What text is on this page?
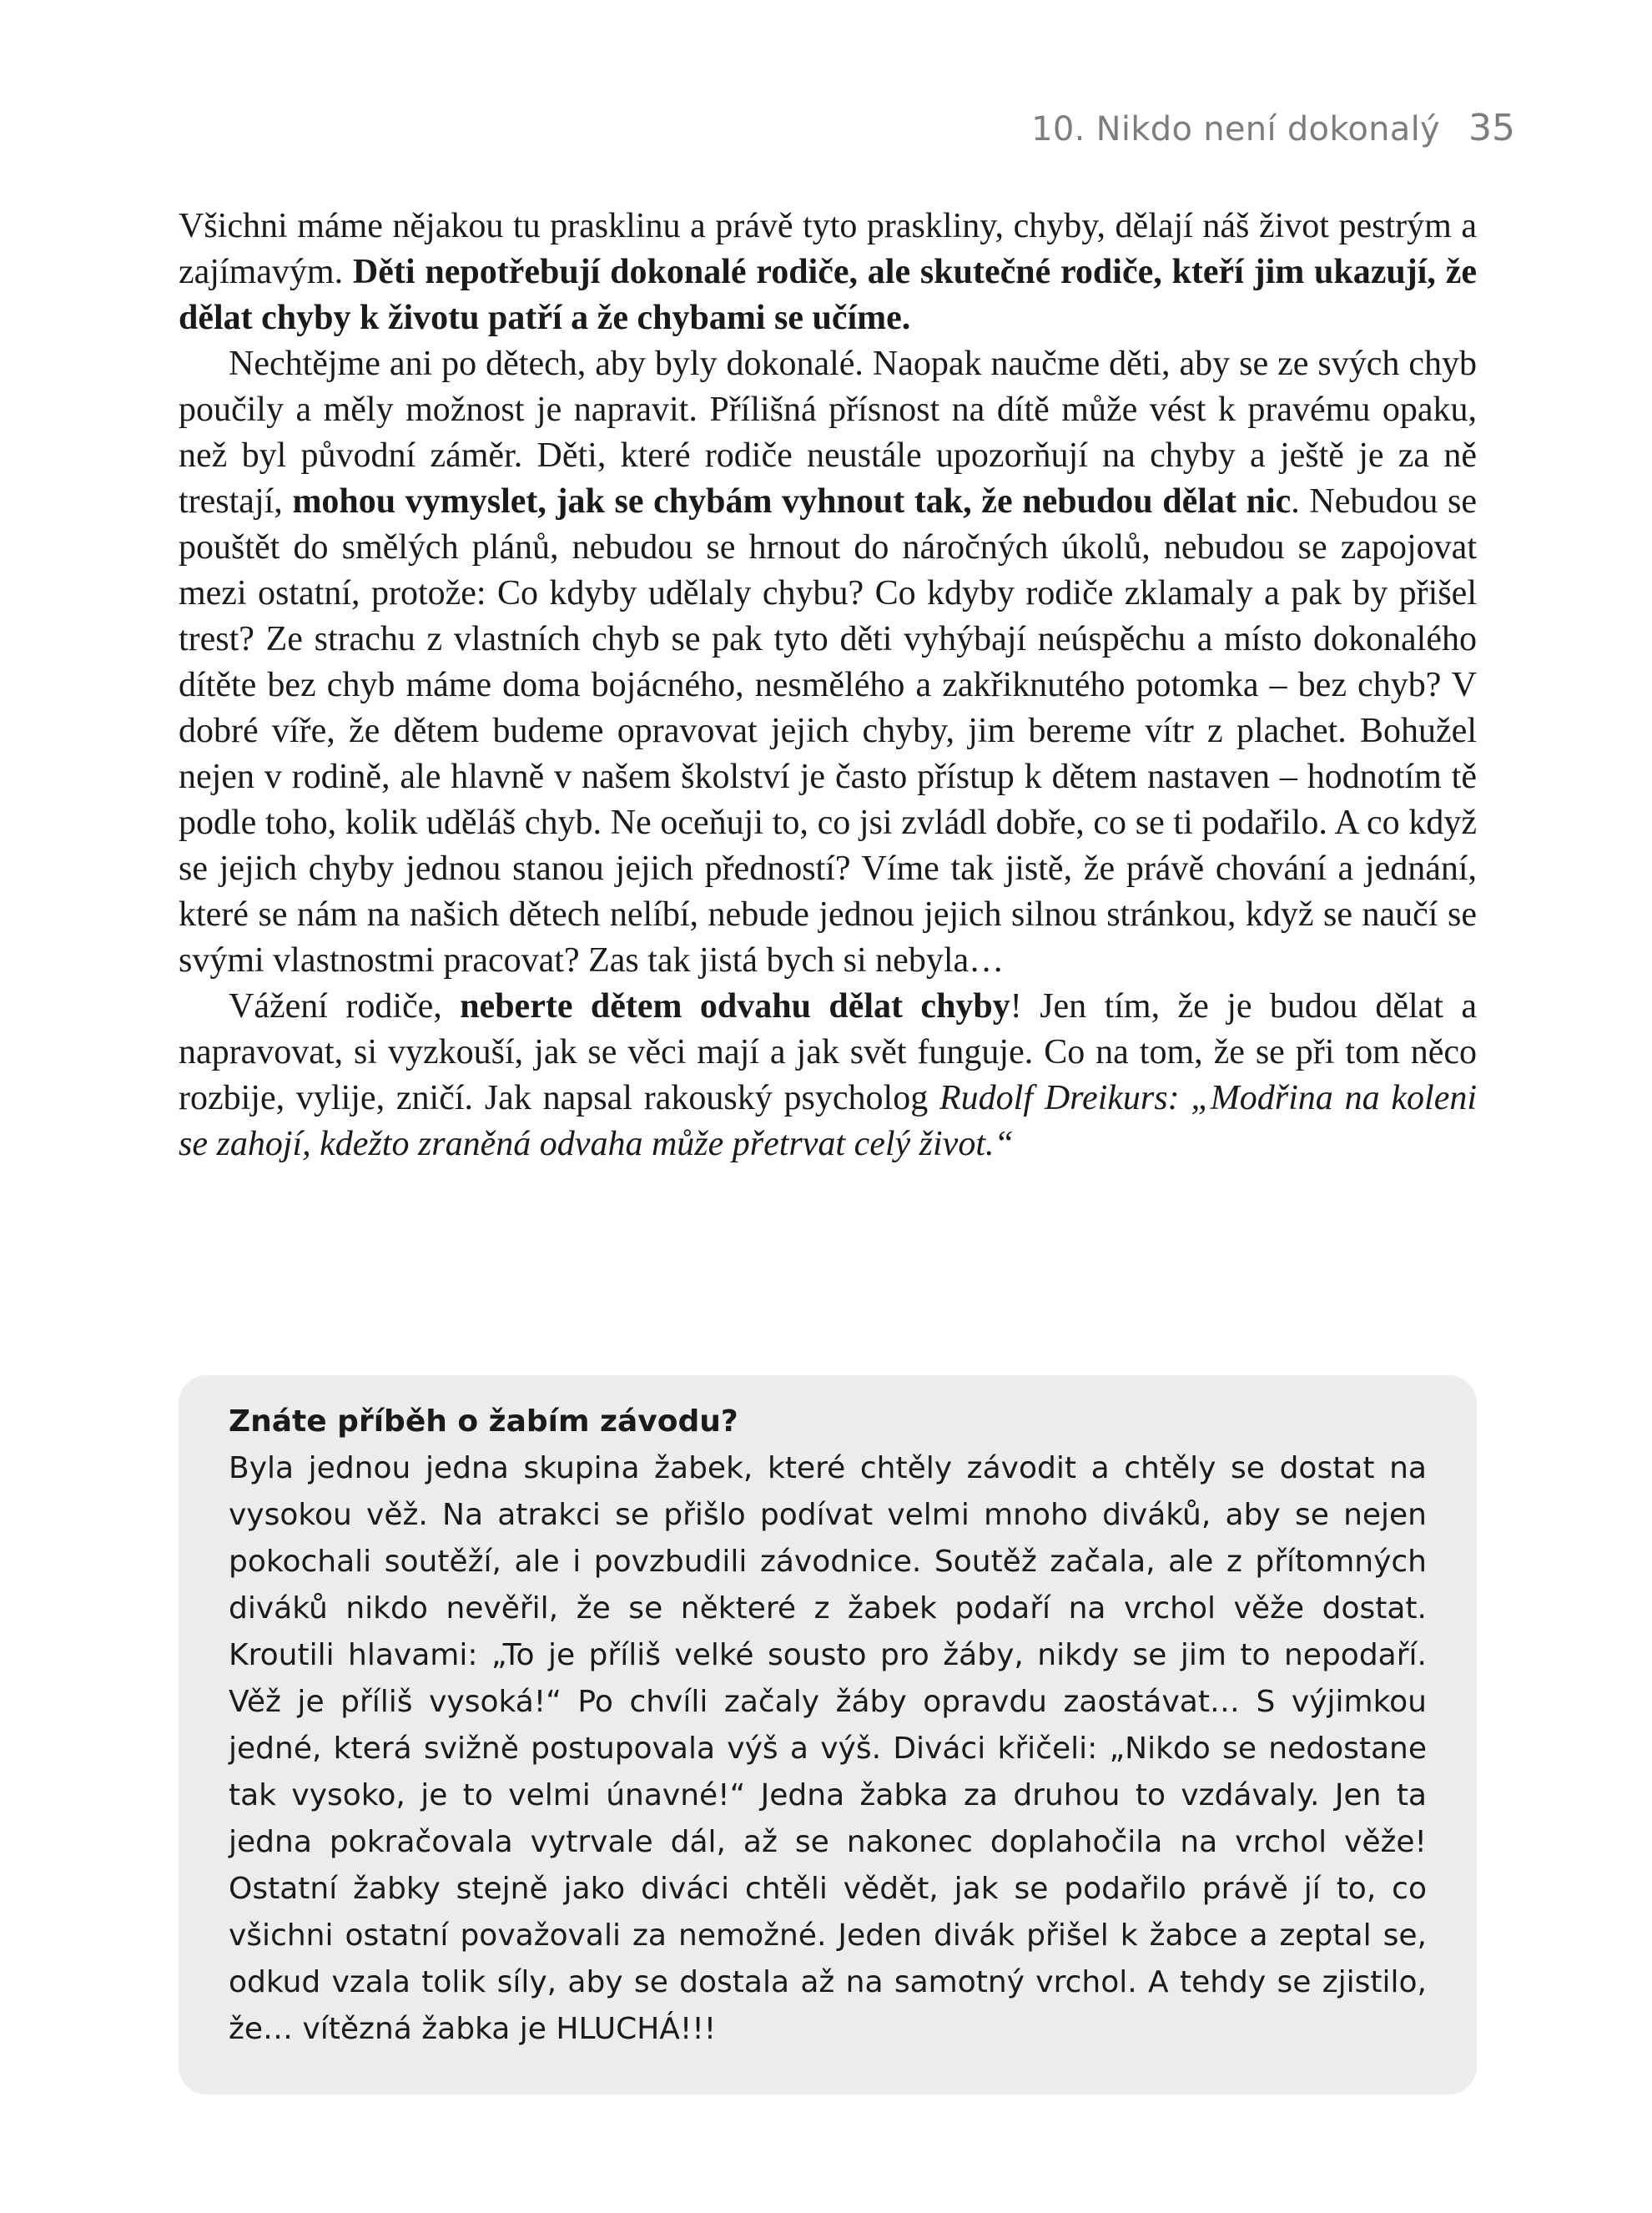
10. Nikdo není dokonalý 35

Všichni máme nějakou tu prasklinu a právě tyto praskliny, chyby, dělají náš život pestrým a zajímavým. Děti nepotřebují dokonalé rodiče, ale skutečné rodiče, kteří jim ukazují, že dělat chyby k životu patří a že chybami se učíme.

Nechtějme ani po dětech, aby byly dokonalé. Naopak naučme děti, aby se ze svých chyb poučily a měly možnost je napravit. Přílišná přísnost na dítě může vést k pravému opaku, než byl původní záměr. Děti, které rodiče neustále upozorňují na chyby a ještě je za ně trestají, mohou vymyslet, jak se chybám vyhnout tak, že nebudou dělat nic. Nebudou se pouštět do smělých plánů, nebudou se hrnout do náročných úkolů, nebudou se zapojovat mezi ostatní, protože: Co kdyby udělaly chybu? Co kdyby rodiče zklamaly a pak by přišel trest? Ze strachu z vlastních chyb se pak tyto děti vyhýbají neúspěchu a místo dokonalého dítěte bez chyb máme doma bojácného, nesmělého a zakřiknutého potomka – bez chyb? V dobré víře, že dětem budeme opravovat jejich chyby, jim bereme vítr z plachet. Bohužel nejen v rodině, ale hlavně v našem školství je často přístup k dětem nastaven – hodnotím tě podle toho, kolik uděláš chyb. Ne oceňuji to, co jsi zvládl dobře, co se ti podařilo. A co když se jejich chyby jednou stanou jejich předností? Víme tak jistě, že právě chování a jednání, které se nám na našich dětech nelíbí, nebude jednou jejich silnou stránkou, když se naučí se svými vlastnostmi pracovat? Zas tak jistá bych si nebyla…

Vážení rodiče, neberte dětem odvahu dělat chyby! Jen tím, že je budou dělat a napravovat, si vyzkouší, jak se věci mají a jak svět funguje. Co na tom, že se při tom něco rozbije, vylije, zničí. Jak napsal rakouský psycholog Rudolf Dreikurs: „Modřina na koleni se zahojí, kdežto zraněná odvaha může přetrvat celý život.“

Znáte příběh o žabím závodu?

Byla jednou jedna skupina žabek, které chtěly závodit a chtěly se dostat na vysokou věž. Na atrakci se přišlo podívat velmi mnoho diváků, aby se nejen pokochali soutěží, ale i povzbudili závodnice. Soutěž začala, ale z přítomných diváků nikdo nevěřil, že se některé z žabek podaří na vrchol věže dostat. Kroutili hlavami: „To je příliš velké sousto pro žáby, nikdy se jim to nepodaří. Věž je příliš vysoká!“ Po chvíli začaly žáby opravdu zaostávat… S výjimkou jedné, která svižně postupovala výš a výš. Diváci křičeli: „Nikdo se nedostane tak vysoko, je to velmi únavné!“ Jedna žabka za druhou to vzdávaly. Jen ta jedna pokračovala vytrvale dál, až se nakonec doplahočila na vrchol věže! Ostatní žabky stejně jako diváci chtěli vědět, jak se podařilo právě jí to, co všichni ostatní považovali za nemožné. Jeden divák přišel k žabce a zeptal se, odkud vzala tolik síly, aby se dostala až na samotný vrchol. A tehdy se zjistilo, že… vítězná žabka je HLUCHÁ!!!
